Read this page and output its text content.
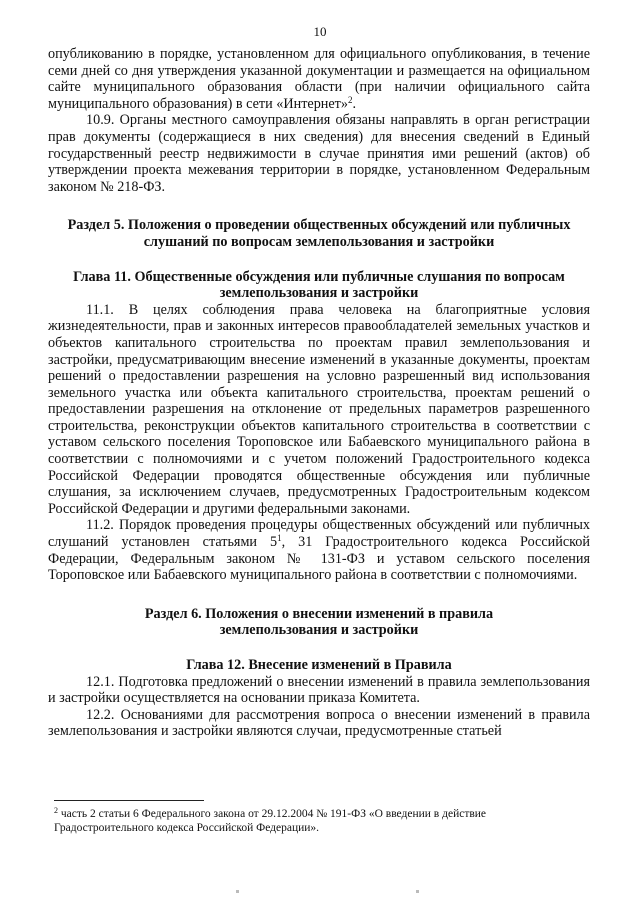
10

опубликованию в порядке, установленном для официального опубликования, в течение семи дней со дня утверждения указанной документации и размещается на официальном сайте муниципального образования области (при наличии официального сайта муниципального образования) в сети «Интернет»$^2$.

10.9. Органы местного самоуправления обязаны направлять в орган регистрации прав документы (содержащиеся в них сведения) для внесения сведений в Единый государственный реестр недвижимости в случае принятия ими решений (актов) об утверждении проекта межевания территории в порядке, установленном Федеральным законом № 218-ФЗ.

Раздел 5. Положения о проведении общественных обсуждений или публичных
слушаний по вопросам землепользования и застройки

Глава 11. Общественные обсуждения или публичные слушания по вопросам
землепользования и застройки

11.1. В целях соблюдения права человека на благоприятные условия жизнедеятельности, прав и законных интересов правообладателей земельных участков и объектов капитального строительства по проектам правил землепользования и застройки, предусматривающим внесение изменений в указанные документы, проектам решений о предоставлении разрешения на условно разрешенный вид использования земельного участка или объекта капитального строительства, проектам решений о предоставлении разрешения на отклонение от предельных параметров разрешенного строительства, реконструкции объектов капитального строительства в соответствии с уставом сельского поселения Тороповское или Бабаевского муниципального района в соответствии с полномочиями и с учетом положений Градостроительного кодекса Российской Федерации проводятся общественные обсуждения или публичные слушания, за исключением случаев, предусмотренных Градостроительным кодексом Российской Федерации и другими федеральными законами.

11.2. Порядок проведения процедуры общественных обсуждений или публичных слушаний установлен статьями $5^1$, 31 Градостроительного кодекса Российской Федерации, Федеральным законом № 131-ФЗ и уставом сельского поселения Тороповское или Бабаевского муниципального района в соответствии с полномочиями.

Раздел 6. Положения о внесении изменений в правила
землепользования и застройки

Глава 12. Внесение изменений в Правила

12.1. Подготовка предложений о внесении изменений в правила землепользования и застройки осуществляется на основании приказа Комитета.

12.2. Основаниями для рассмотрения вопроса о внесении изменений в правила землепользования и застройки являются случаи, предусмотренные статьей

$^2$ часть 2 статьи 6 Федерального закона от 29.12.2004 № 191-ФЗ «О введении в действие Градостроительного кодекса Российской Федерации».
